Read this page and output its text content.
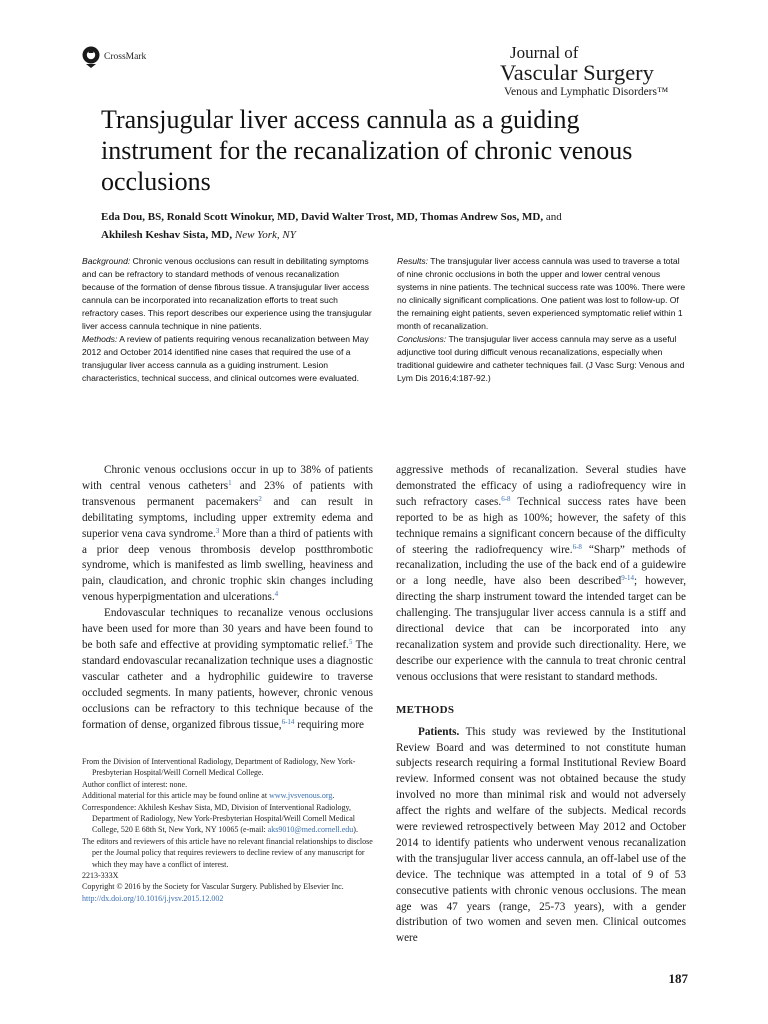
CrossMark	Journal of
Vascular Surgery
Venous and Lymphatic Disorders™
Transjugular liver access cannula as a guiding instrument for the recanalization of chronic venous occlusions
Eda Dou, BS, Ronald Scott Winokur, MD, David Walter Trost, MD, Thomas Andrew Sos, MD, and
Akhilesh Keshav Sista, MD, New York, NY

Background: Chronic venous occlusions can result in debilitating symptoms and can be refractory to standard methods of venous recanalization because of the formation of dense fibrous tissue. A transjugular liver access cannula can be incorporated into recanalization efforts to treat such refractory cases. This report describes our experience using the transjugular liver access cannula technique in nine patients.

Methods: A review of patients requiring venous recanalization between May 2012 and October 2014 identified nine cases that required the use of a transjugular liver access cannula as a guiding instrument. Lesion characteristics, technical success, and clinical outcomes were evaluated.

Results: The transjugular liver access cannula was used to traverse a total of nine chronic occlusions in both the upper and lower central venous systems in nine patients. The technical success rate was 100%. There were no clinically significant complications. One patient was lost to follow-up. Of the remaining eight patients, seven experienced symptomatic relief within 1 month of recanalization.

Conclusions: The transjugular liver access cannula may serve as a useful adjunctive tool during difficult venous recanalizations, especially when traditional guidewire and catheter techniques fail. (J Vasc Surg: Venous and Lym Dis 2016;4:187-92.)

Chronic venous occlusions occur in up to 38% of patients with central venous catheters$^1$ and 23% of patients with transvenous permanent pacemakers$^2$ and can result in debilitating symptoms, including upper extremity edema and superior vena cava syndrome.$^3$ More than a third of patients with a prior deep venous thrombosis develop postthrombotic syndrome, which is manifested as limb swelling, heaviness and pain, claudication, and chronic trophic skin changes including venous hyperpigmentation and ulcerations.$^4$

Endovascular techniques to recanalize venous occlusions have been used for more than 30 years and have been found to be both safe and effective at providing symptomatic relief.$^5$ The standard endovascular recanalization technique uses a diagnostic vascular catheter and a hydrophilic guidewire to traverse occluded segments. In many patients, however, chronic venous occlusions can be refractory to this technique because of the formation of dense, organized fibrous tissue,$^{6-14}$ requiring more

aggressive methods of recanalization. Several studies have demonstrated the efficacy of using a radiofrequency wire in such refractory cases.$^{6-8}$ Technical success rates have been reported to be as high as 100%; however, the safety of this technique remains a significant concern because of the difficulty of steering the radiofrequency wire.$^{6-8}$ “Sharp” methods of recanalization, including the use of the back end of a guidewire or a long needle, have also been described$^{9-14}$; however, directing the sharp instrument toward the intended target can be challenging. The transjugular liver access cannula is a stiff and directional device that can be incorporated into any recanalization system and provide such directionality. Here, we describe our experience with the cannula to treat chronic central venous occlusions that were resistant to standard methods.

METHODS

Patients. This study was reviewed by the Institutional Review Board and was determined to not constitute human subjects research requiring a formal Institutional Review Board review. Informed consent was not obtained because the study involved no more than minimal risk and would not adversely affect the rights and welfare of the subjects. Medical records were reviewed retrospectively between May 2012 and October 2014 to identify patients who underwent venous recanalization with the transjugular liver access cannula, an off-label use of the device. The technique was attempted in a total of 9 of 53 consecutive patients with chronic venous occlusions. The mean age was 47 years (range, 25-73 years), with a gender distribution of two women and seven men. Clinical outcomes were

From the Division of Interventional Radiology, Department of Radiology, New York-Presbyterian Hospital/Weill Cornell Medical College.

Author conflict of interest: none.

Additional material for this article may be found online at www.jvsvenous.org.

Correspondence: Akhilesh Keshav Sista, MD, Division of Interventional Radiology, Department of Radiology, New York-Presbyterian Hospital/Weill Cornell Medical College, 520 E 68th St, New York, NY 10065 (e-mail: aks9010@med.cornell.edu).

The editors and reviewers of this article have no relevant financial relationships to disclose per the Journal policy that requires reviewers to decline review of any manuscript for which they may have a conflict of interest.

2213-333X

Copyright © 2016 by the Society for Vascular Surgery. Published by Elsevier Inc.

http://dx.doi.org/10.1016/j.jvsv.2015.12.002

187
